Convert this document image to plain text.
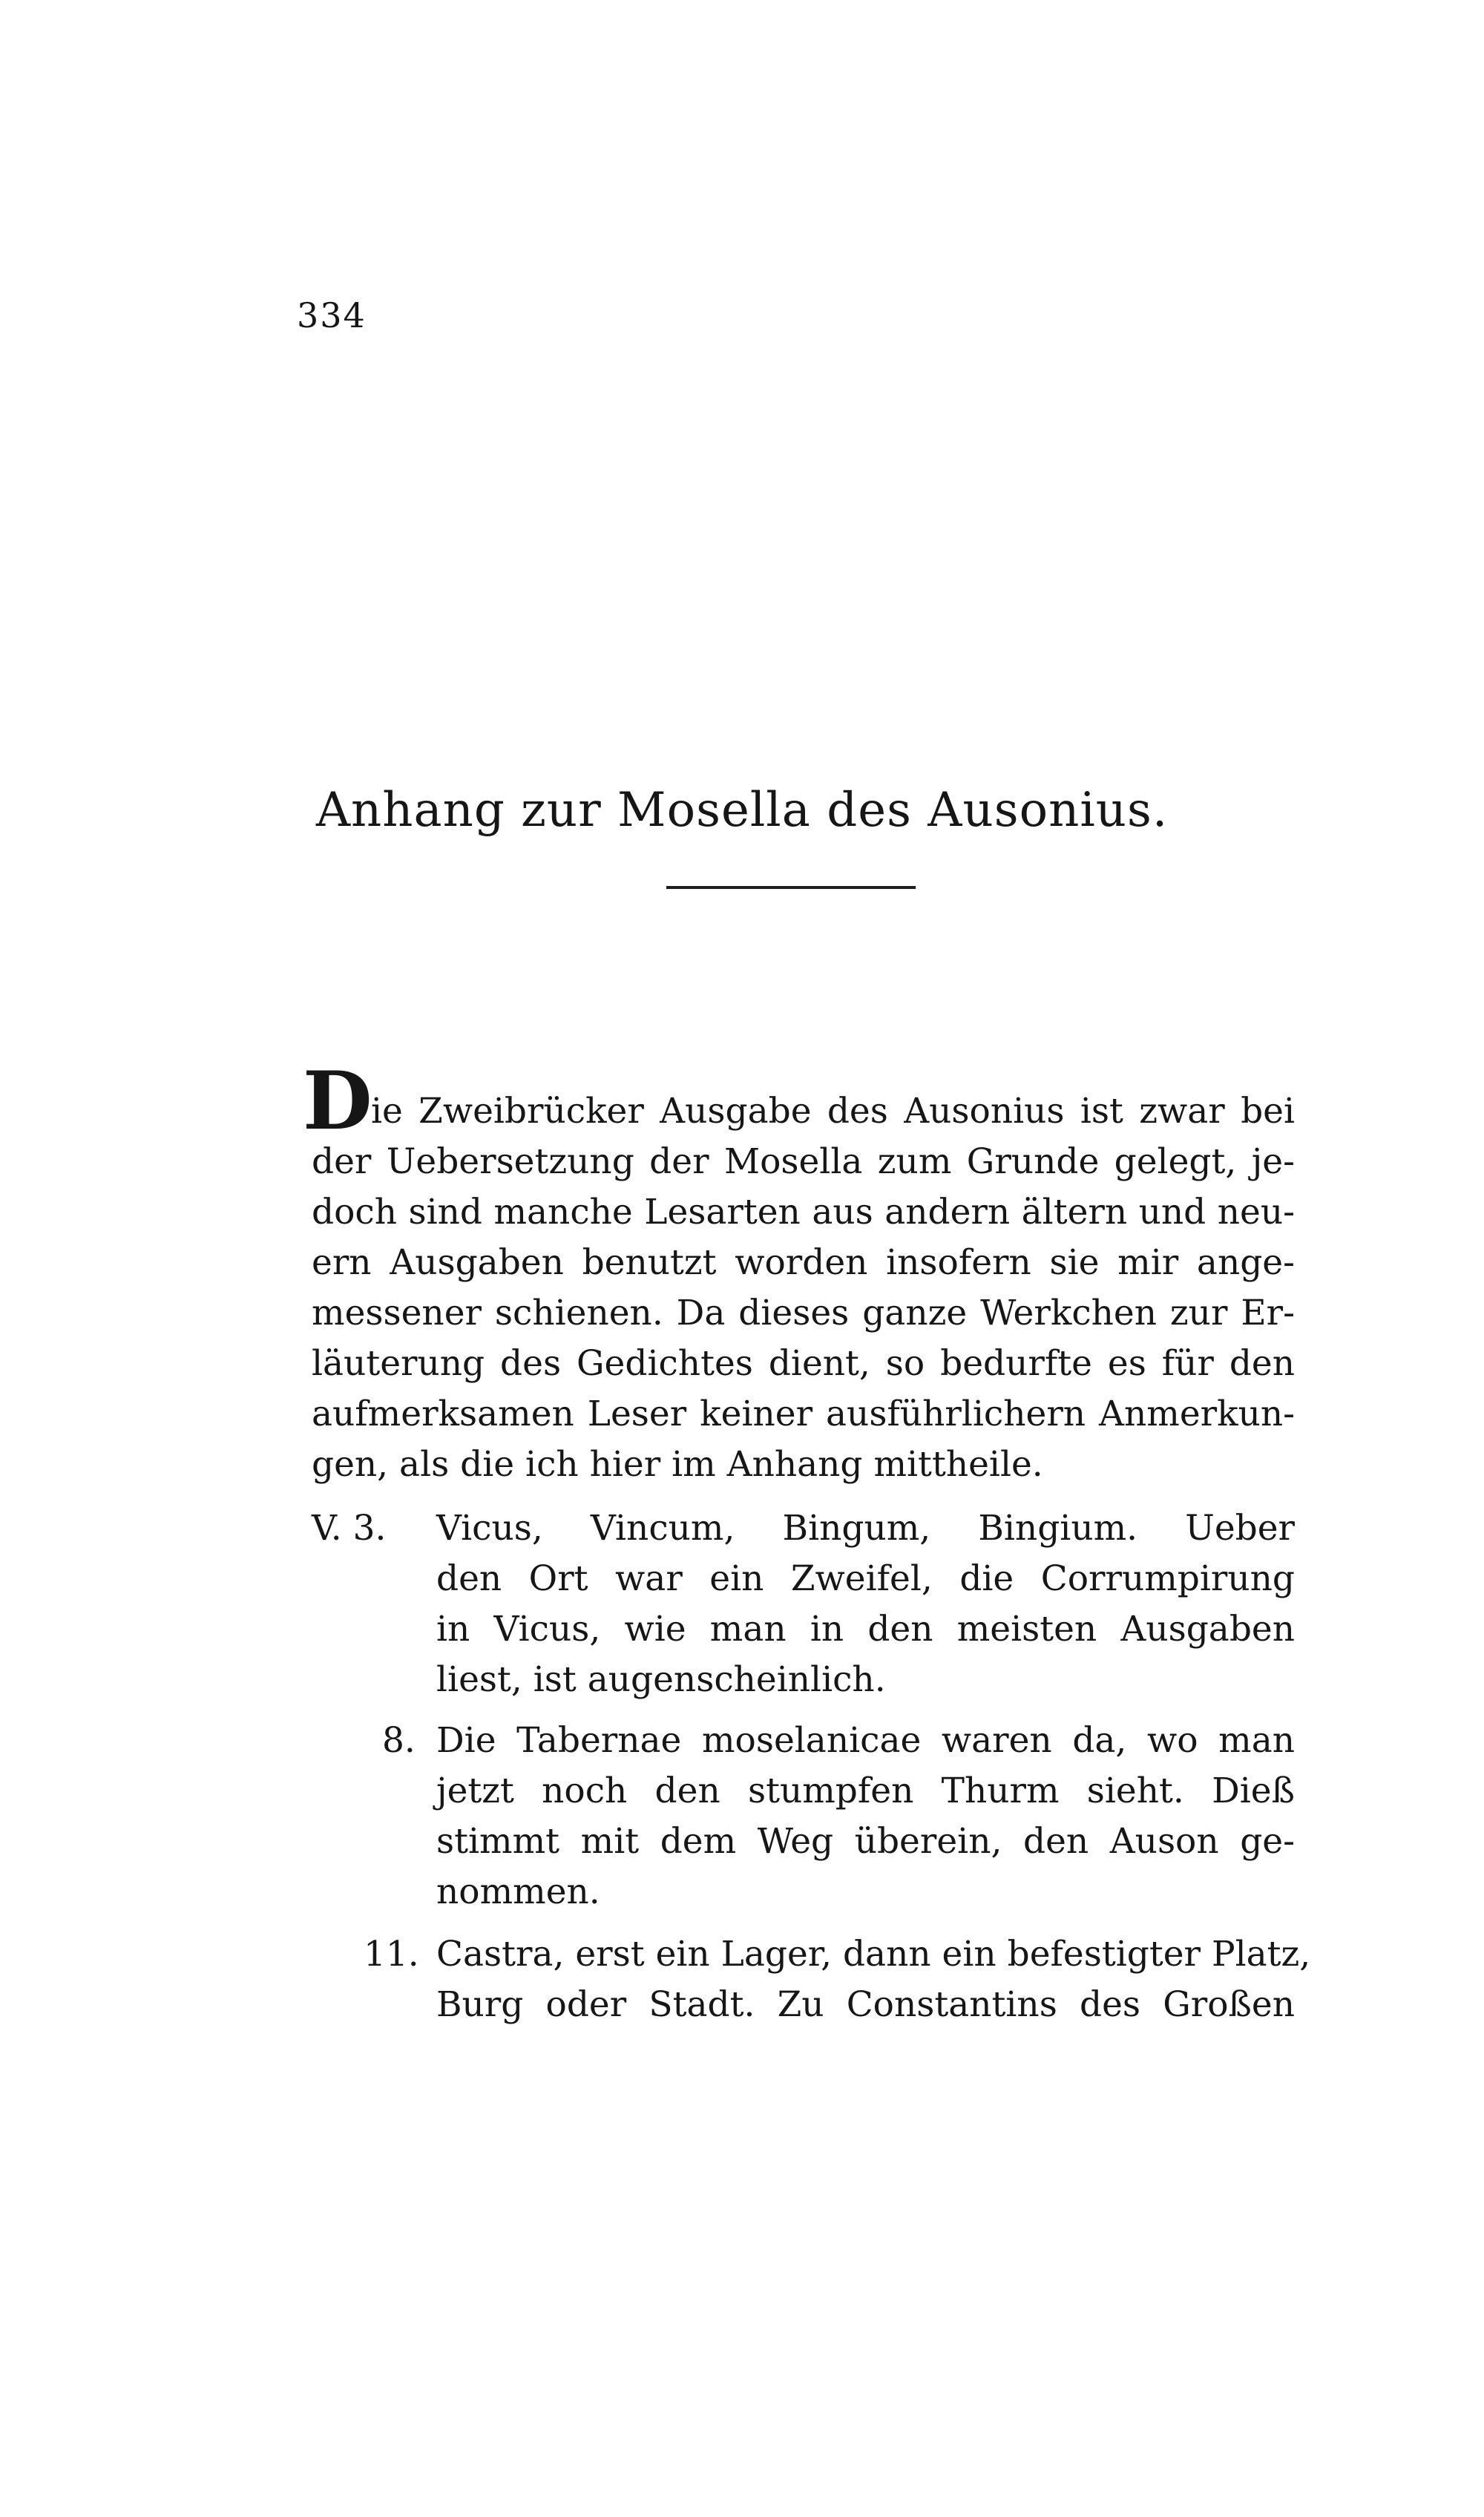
334
Anhang zur Mosella des Ausonius.
D
ie Zweibrücker Ausgabe des Ausonius ist zwar bei
der Uebersetzung der Mosella zum Grunde gelegt, je-
doch sind manche Lesarten aus andern ältern und neu-
ern Ausgaben benutzt worden insofern sie mir ange-
messener schienen. Da dieses ganze Werkchen zur Er-
läuterung des Gedichtes dient, so bedurfte es für den
aufmerksamen Leser keiner ausführlichern Anmerkun-
gen, als die ich hier im Anhang mittheile.
V. 3. Vicus, Vincum, Bingum, Bingium. Ueber
den Ort war ein Zweifel, die Corrumpirung
in Vicus, wie man in den meisten Ausgaben
liest, ist augenscheinlich.
8. Die Tabernae moselanicae waren da, wo man
jetzt noch den stumpfen Thurm sieht. Dieß
stimmt mit dem Weg überein, den Auson ge-
nommen.
11. Castra, erst ein Lager, dann ein befestigter Platz,
Burg oder Stadt. Zu Constantins des Großen
